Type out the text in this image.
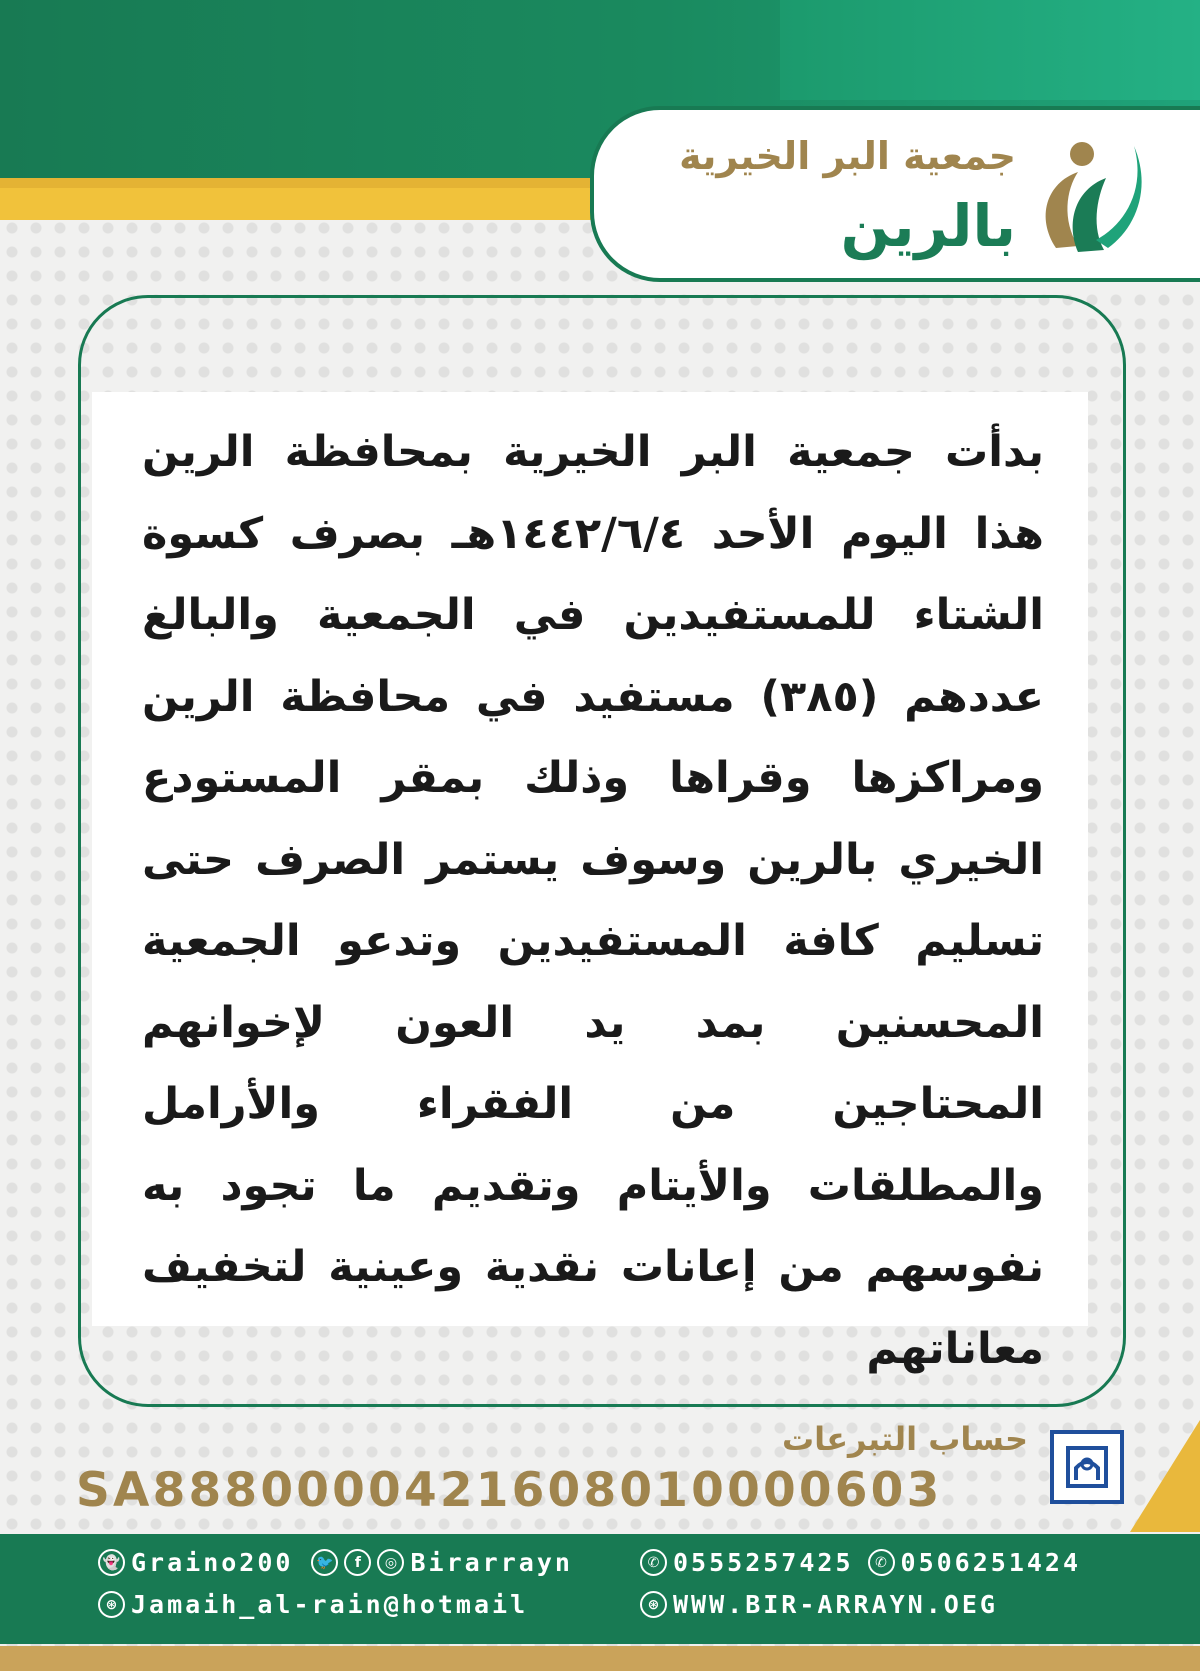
جمعية البر الخيرية
بالرين
بدأت جمعية البر الخيرية بمحافظة الرين هذا اليوم الأحد ١٤٤٢/٦/٤هـ بصرف كسوة الشتاء للمستفيدين في الجمعية والبالغ عددهم (٣٨٥) مستفيد في محافظة الرين ومراكزها وقراها وذلك بمقر المستودع الخيري بالرين وسوف يستمر الصرف حتى تسليم كافة المستفيدين وتدعو الجمعية المحسنين بمد يد العون لإخوانهم المحتاجين من الفقراء والأرامل والمطلقات والأيتام وتقديم ما تجود به نفوسهم من إعانات نقدية وعينية لتخفيف معاناتهم
حساب التبرعات
SA8880000421608010000603
👻 Graino200	🐦	f	◎ Birarrayn	✆ 0555257425	✆ 0506251424
⊛ Jamaih_al-rain@hotmail	⊛ WWW.BIR-ARRAYN.OEG
